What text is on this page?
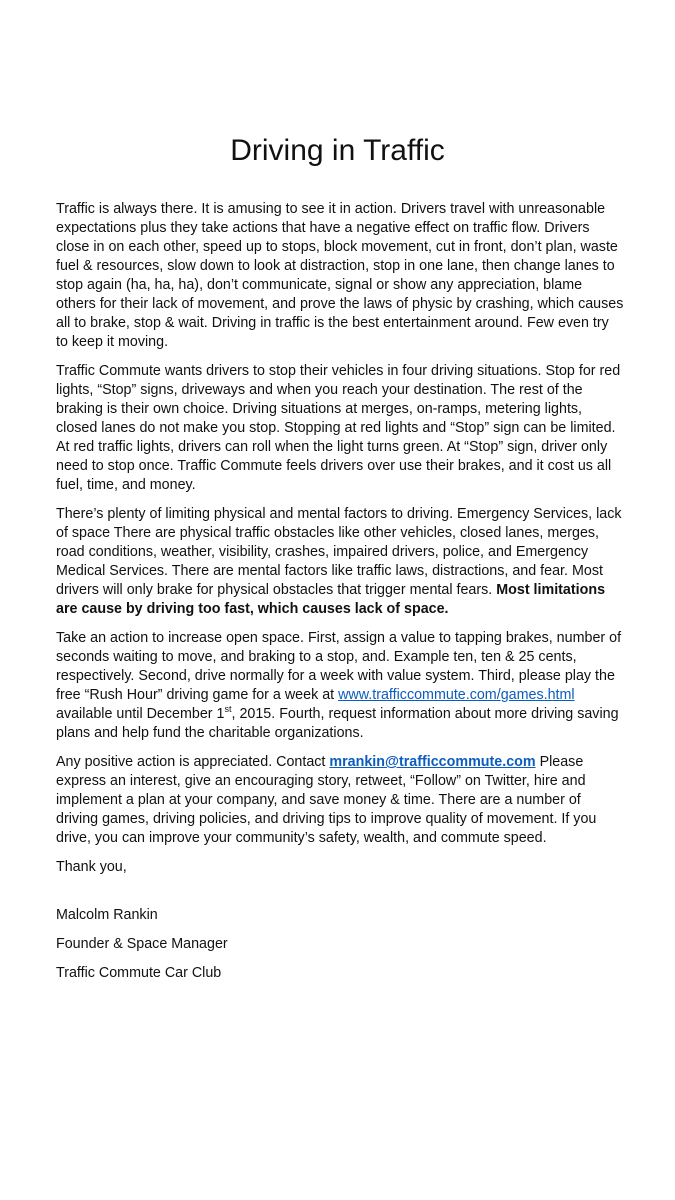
Driving in Traffic

Traffic is always there. It is amusing to see it in action. Drivers travel with unreasonable expectations plus they take actions that have a negative effect on traffic flow. Drivers close in on each other, speed up to stops, block movement, cut in front, don’t plan, waste fuel & resources, slow down to look at distraction, stop in one lane, then change lanes to stop again (ha, ha, ha), don’t communicate, signal or show any appreciation, blame others for their lack of movement, and prove the laws of physic by crashing, which causes all to brake, stop & wait. Driving in traffic is the best entertainment around. Few even try to keep it moving.

Traffic Commute wants drivers to stop their vehicles in four driving situations. Stop for red lights, “Stop” signs, driveways and when you reach your destination. The rest of the braking is their own choice. Driving situations at merges, on-ramps, metering lights, closed lanes do not make you stop. Stopping at red lights and “Stop” sign can be limited. At red traffic lights, drivers can roll when the light turns green. At “Stop” sign, driver only need to stop once. Traffic Commute feels drivers over use their brakes, and it cost us all fuel, time, and money.

There’s plenty of limiting physical and mental factors to driving. Emergency Services, lack of space There are physical traffic obstacles like other vehicles, closed lanes, merges, road conditions, weather, visibility, crashes, impaired drivers, police, and Emergency Medical Services. There are mental factors like traffic laws, distractions, and fear. Most drivers will only brake for physical obstacles that trigger mental fears. Most limitations are cause by driving too fast, which causes lack of space.

Take an action to increase open space. First, assign a value to tapping brakes, number of seconds waiting to move, and braking to a stop, and. Example ten, ten & 25 cents, respectively. Second, drive normally for a week with value system. Third, please play the free “Rush Hour” driving game for a week at www.trafficcommute.com/games.html available until December 1st, 2015. Fourth, request information about more driving saving plans and help fund the charitable organizations.

Any positive action is appreciated. Contact mrankin@trafficcommute.com Please express an interest, give an encouraging story, retweet, “Follow” on Twitter, hire and implement a plan at your company, and save money & time. There are a number of driving games, driving policies, and driving tips to improve quality of movement. If you drive, you can improve your community’s safety, wealth, and commute speed.

Thank you,

Malcolm Rankin

Founder & Space Manager

Traffic Commute Car Club
